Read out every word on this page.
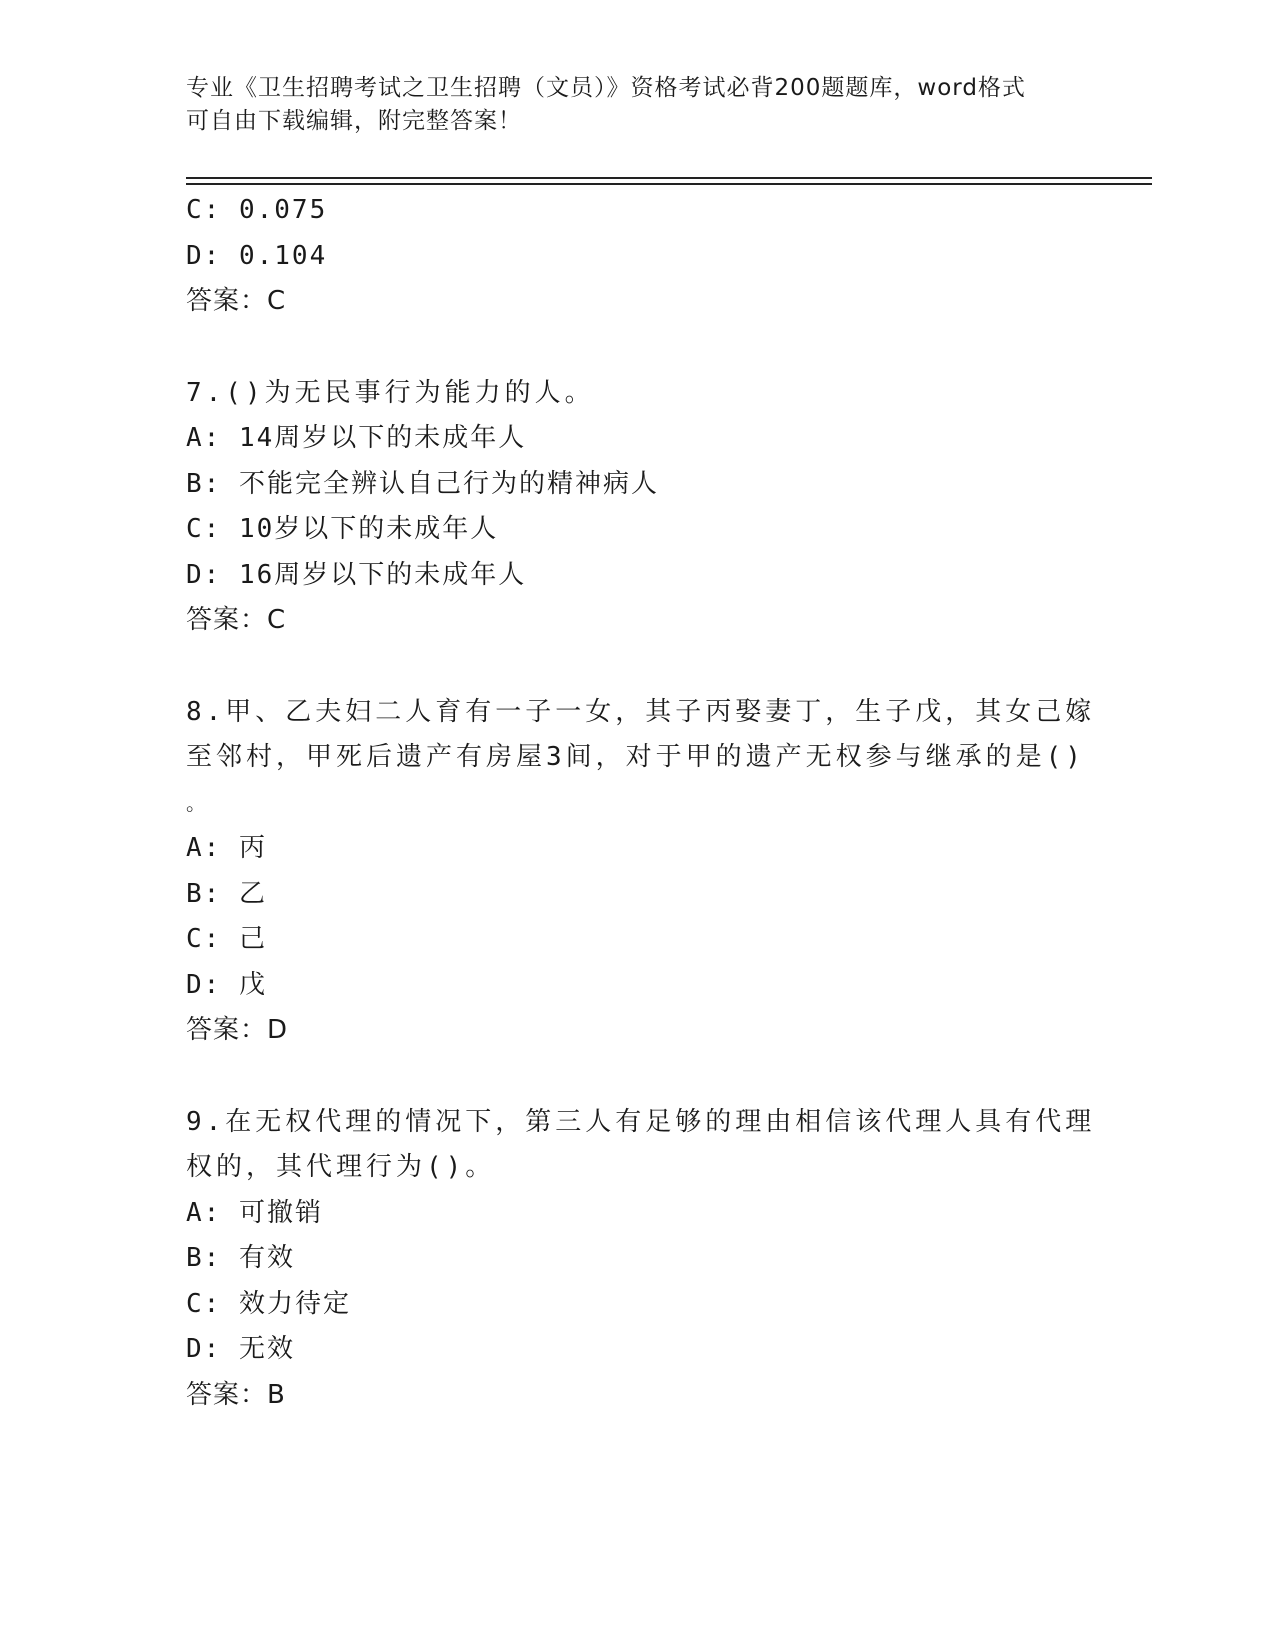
专业《卫生招聘考试之卫生招聘（文员）》资格考试必背200题题库，word格式
可自由下载编辑，附完整答案！
C: 0.075
D: 0.104
答案：C
7.()为无民事行为能力的人。
A: 14周岁以下的未成年人
B: 不能完全辨认自己行为的精神病人
C: 10岁以下的未成年人
D: 16周岁以下的未成年人
答案：C
8.甲、乙夫妇二人育有一子一女，其子丙娶妻丁，生子戊，其女己嫁
至邻村，甲死后遗产有房屋3间，对于甲的遗产无权参与继承的是()
。
A: 丙
B: 乙
C: 己
D: 戊
答案：D
9.在无权代理的情况下，第三人有足够的理由相信该代理人具有代理
权的，其代理行为()。
A: 可撤销
B: 有效
C: 效力待定
D: 无效
答案：B
